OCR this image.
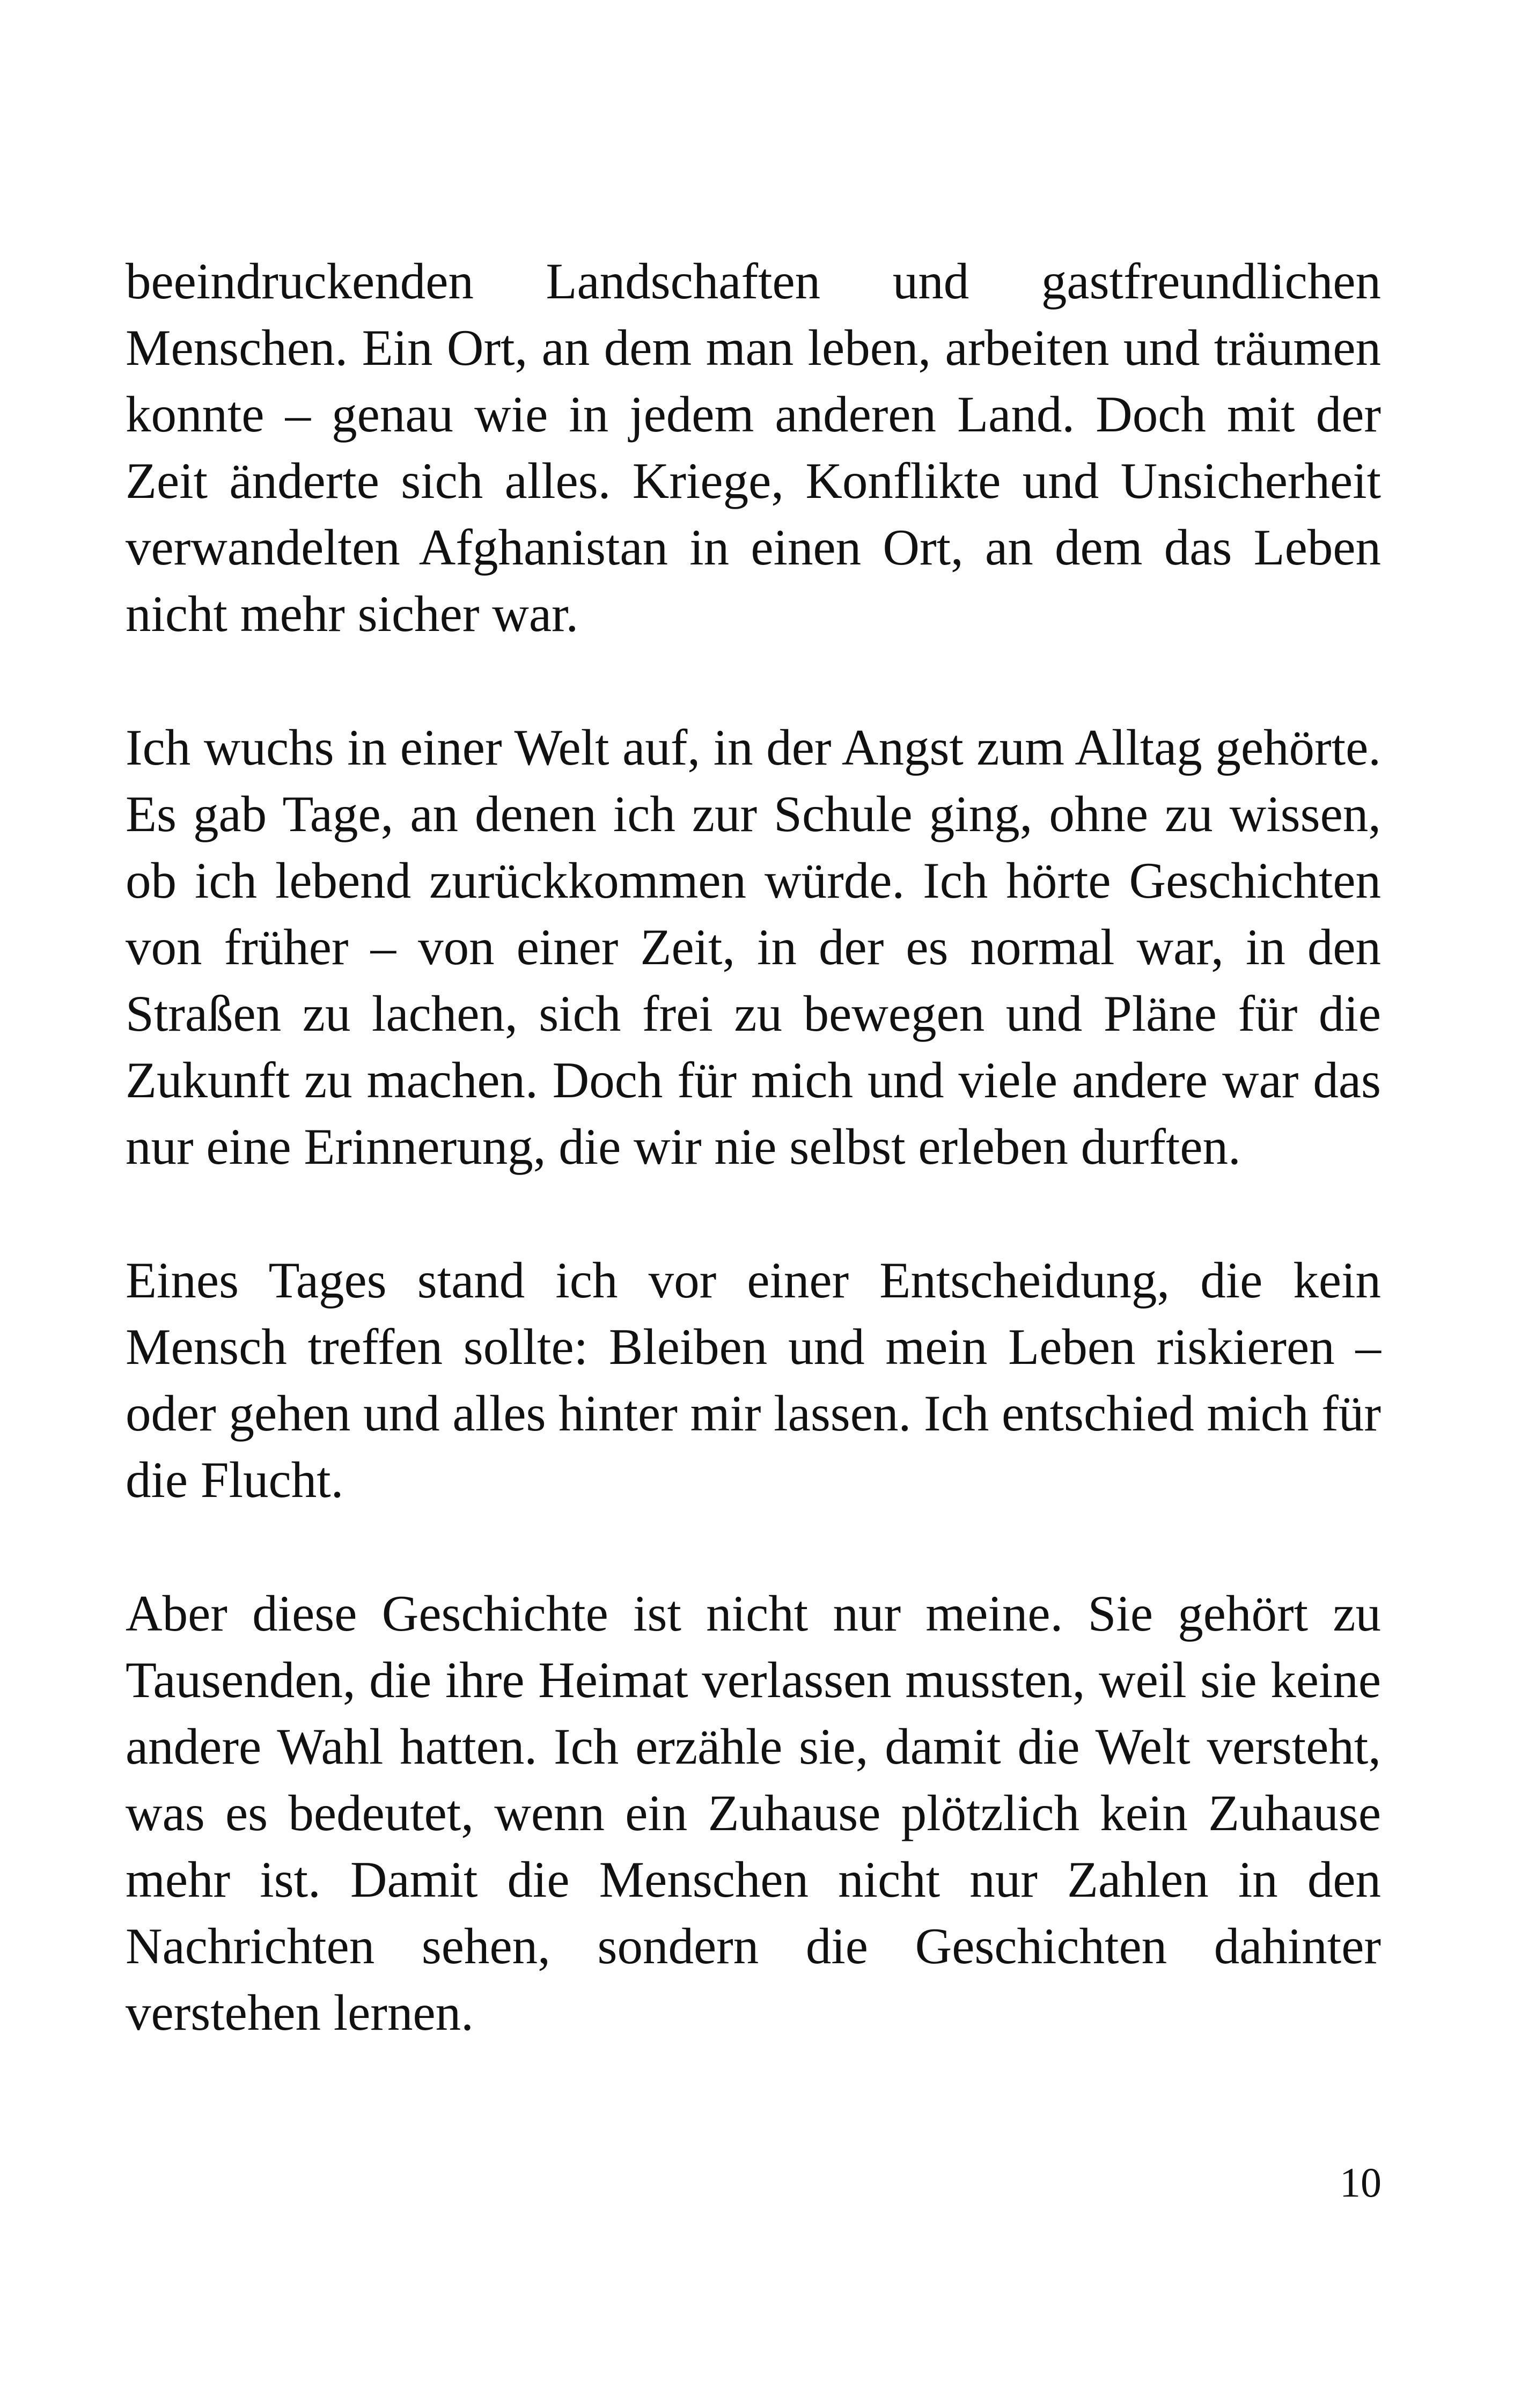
beeindruckenden Landschaften und gastfreundlichen Menschen. Ein Ort, an dem man leben, arbeiten und träumen konnte – genau wie in jedem anderen Land. Doch mit der Zeit änderte sich alles. Kriege, Konflikte und Unsicherheit verwandelten Afghanistan in einen Ort, an dem das Leben nicht mehr sicher war.

Ich wuchs in einer Welt auf, in der Angst zum Alltag gehörte. Es gab Tage, an denen ich zur Schule ging, ohne zu wissen, ob ich lebend zurückkommen würde. Ich hörte Geschichten von früher – von einer Zeit, in der es normal war, in den Straßen zu lachen, sich frei zu bewegen und Pläne für die Zukunft zu machen. Doch für mich und viele andere war das nur eine Erinnerung, die wir nie selbst erleben durften.

Eines Tages stand ich vor einer Entscheidung, die kein Mensch treffen sollte: Bleiben und mein Leben riskieren – oder gehen und alles hinter mir lassen. Ich entschied mich für die Flucht.

Aber diese Geschichte ist nicht nur meine. Sie gehört zu Tausenden, die ihre Heimat verlassen mussten, weil sie keine andere Wahl hatten. Ich erzähle sie, damit die Welt versteht, was es bedeutet, wenn ein Zuhause plötzlich kein Zuhause mehr ist. Damit die Menschen nicht nur Zahlen in den Nachrichten sehen, sondern die Geschichten dahinter verstehen lernen.

10
